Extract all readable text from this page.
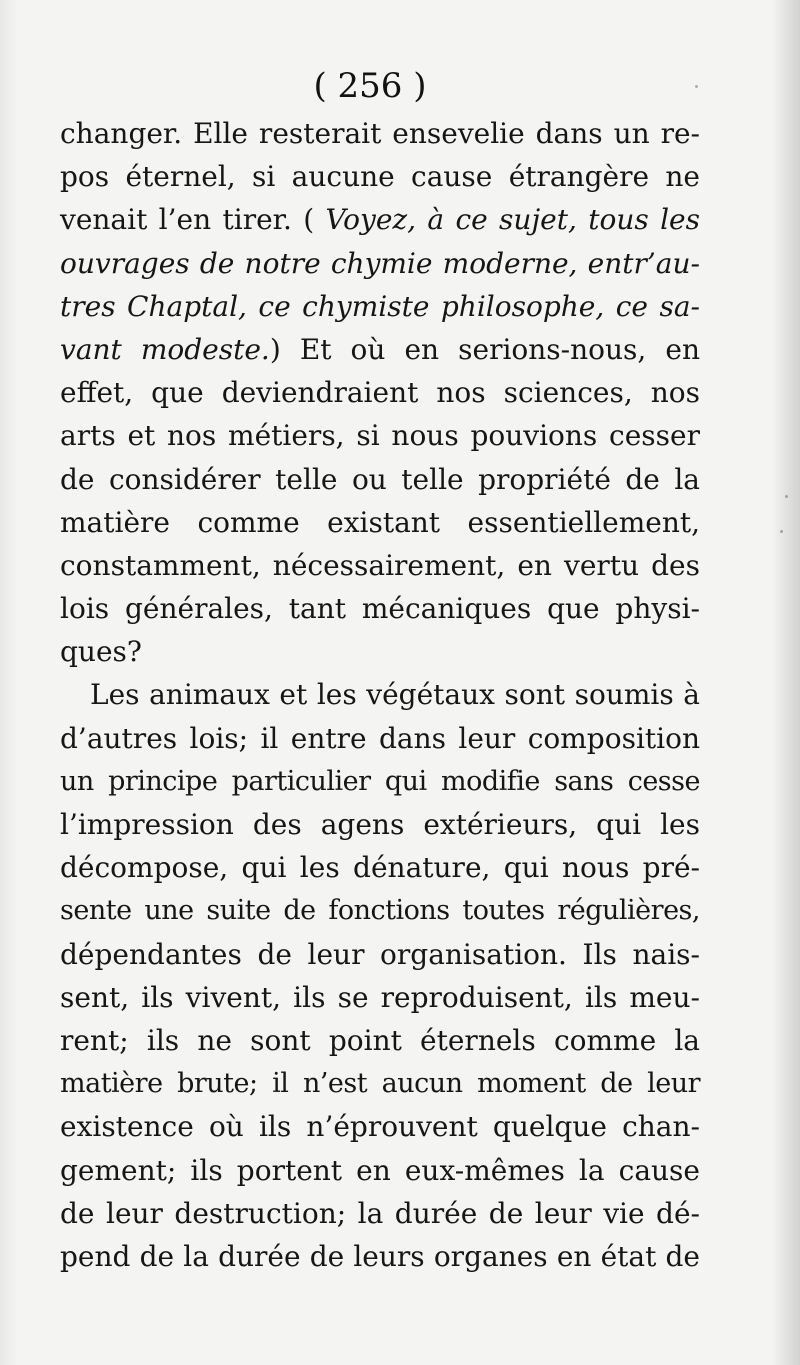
( 256 )
changer. Elle resterait ensevelie dans un re-
pos éternel, si aucune cause étrangère ne
venait l’en tirer. ( Voyez, à ce sujet, tous les
ouvrages de notre chymie moderne, entr’au-
tres Chaptal, ce chymiste philosophe, ce sa-
vant modeste.) Et où en serions-nous, en
effet, que deviendraient nos sciences, nos
arts et nos métiers, si nous pouvions cesser
de considérer telle ou telle propriété de la
matière comme existant essentiellement,
constamment, nécessairement, en vertu des
lois générales, tant mécaniques que physi-
ques?
Les animaux et les végétaux sont soumis à
d’autres lois; il entre dans leur composition
un principe particulier qui modifie sans cesse
l’impression des agens extérieurs, qui les
décompose, qui les dénature, qui nous pré-
sente une suite de fonctions toutes régulières,
dépendantes de leur organisation. Ils nais-
sent, ils vivent, ils se reproduisent, ils meu-
rent; ils ne sont point éternels comme la
matière brute; il n’est aucun moment de leur
existence où ils n’éprouvent quelque chan-
gement; ils portent en eux-mêmes la cause
de leur destruction; la durée de leur vie dé-
pend de la durée de leurs organes en état de
